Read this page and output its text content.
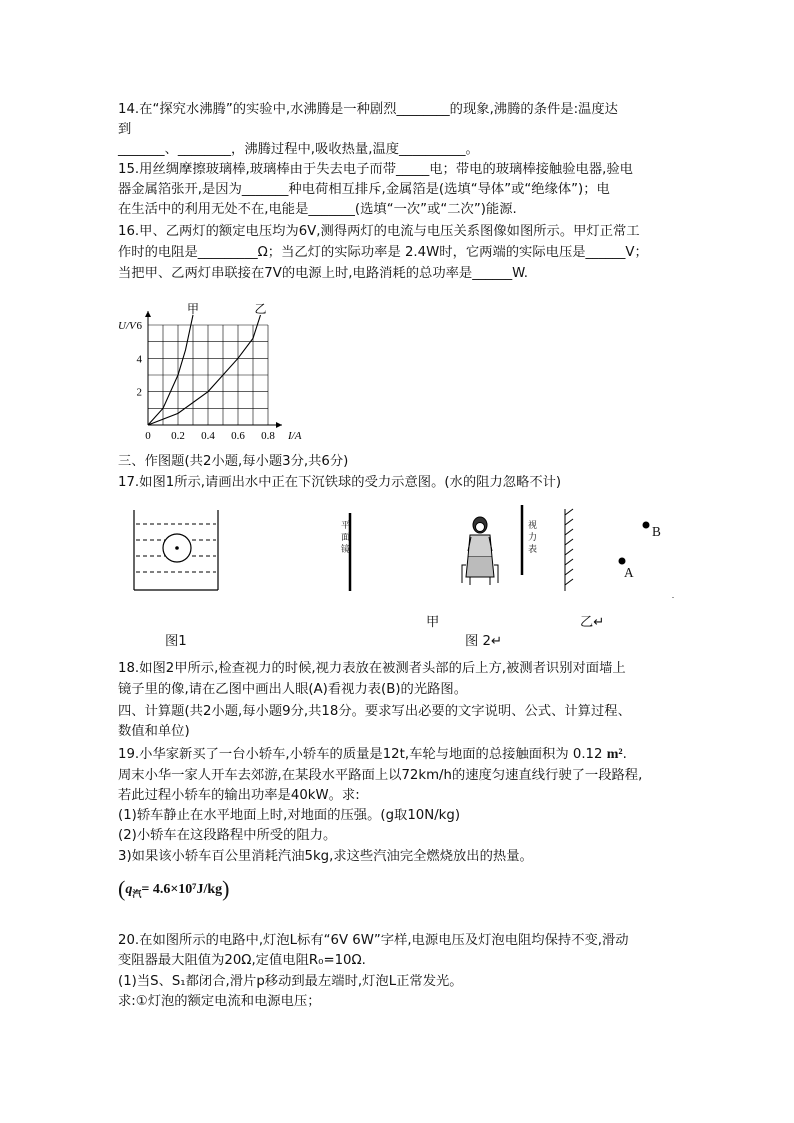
14.在“探究水沸腾”的实验中,水沸腾是一种剧烈________的现象,沸腾的条件是:温度达
到
_______、________，沸腾过程中,吸收热量,温度__________。
15.用丝绸摩擦玻璃棒,玻璃棒由于失去电子而带_____电；带电的玻璃棒接触验电器,验电
器金属箔张开,是因为_______种电荷相互排斥,金属箔是(选填“导体”或“绝缘体”)；电
在生活中的利用无处不在,电能是_______(选填“一次”或“二次”)能源.
16.甲、乙两灯的额定电压均为6V,测得两灯的电流与电压关系图像如图所示。甲灯正常工
作时的电阻是_________Ω；当乙灯的实际功率是 2.4W时，它两端的实际电压是______V；
当把甲、乙两灯串联接在7V的电源上时,电路消耗的总功率是______W.
0 0.2 0.4 0.6 0.8
2
4
6
I/A
U/V
甲	乙
三、作图题(共2小题,每小题3分,共6分)
17.如图1所示,请画出水中正在下沉铁球的受力示意图。(水的阻力忽略不计)
图1
平面镜
视力表
B
A
甲	乙↵
图 2↵
18.如图2甲所示,检查视力的时候,视力表放在被测者头部的后上方,被测者识别对面墙上
镜子里的像,请在乙图中画出人眼(A)看视力表(B)的光路图。
四、计算题(共2小题,每小题9分,共18分。要求写出必要的文字说明、公式、计算过程、
数值和单位)
19.小华家新买了一台小轿车,小轿车的质量是12t,车轮与地面的总接触面积为 0.12 m².
周末小华一家人开车去郊游,在某段水平路面上以72km/h的速度匀速直线行驶了一段路程,
若此过程小轿车的输出功率是40kW。求:
(1)轿车静止在水平地面上时,对地面的压强。(g取10N/kg)
(2)小轿车在这段路程中所受的阻力。
3)如果该小轿车百公里消耗汽油5kg,求这些汽油完全燃烧放出的热量。
$(q_汽= 4.6\times 10^7J/kg)$
20.在如图所示的电路中,灯泡L标有“6V 6W”字样,电源电压及灯泡电阻均保持不变,滑动
变阻器最大阻值为20Ω,定值电阻R₀=10Ω.
(1)当S、S₁都闭合,滑片p移动到最左端时,灯泡L正常发光。
求:①灯泡的额定电流和电源电压；
